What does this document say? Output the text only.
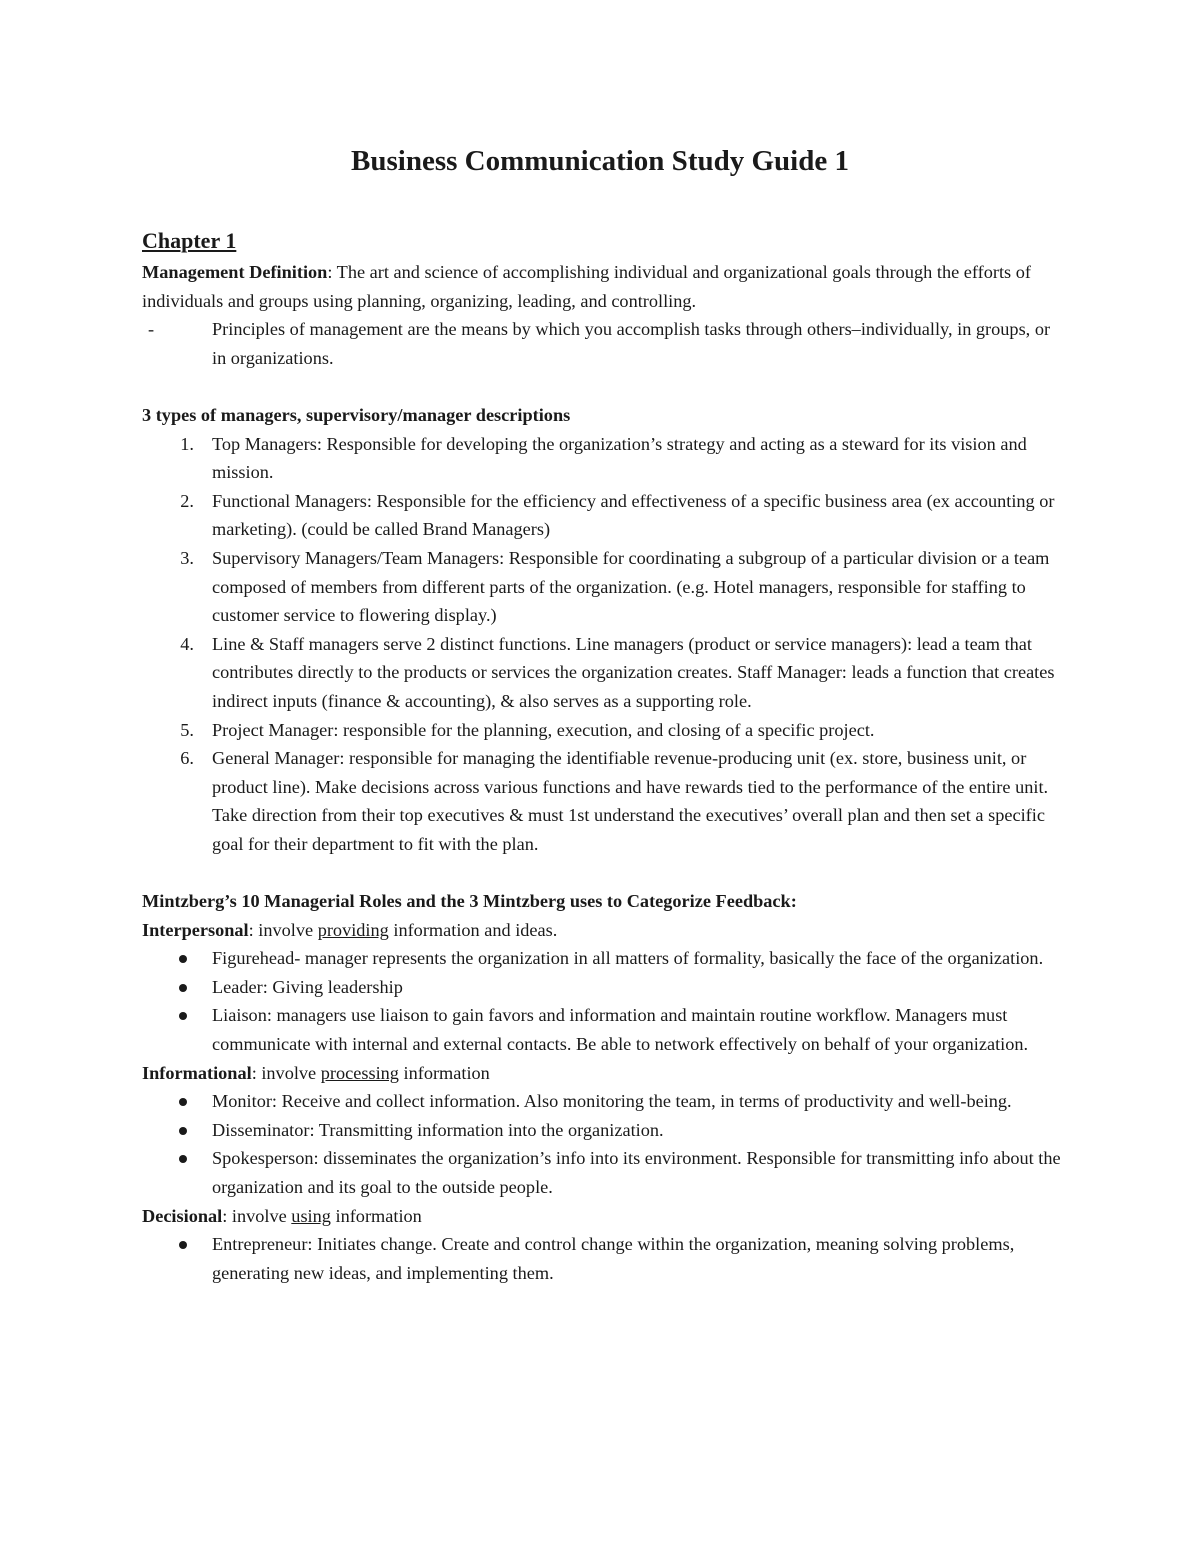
Business Communication Study Guide 1
Chapter 1

Management Definition: The art and science of accomplishing individual and organizational goals through the efforts of individuals and groups using planning, organizing, leading, and controlling.

-	Principles of management are the means by which you accomplish tasks through others–individually, in groups, or in organizations.

3 types of managers, supervisory/manager descriptions

1. Top Managers: Responsible for developing the organization’s strategy and acting as a steward for its vision and mission.
2. Functional Managers: Responsible for the efficiency and effectiveness of a specific business area (ex accounting or marketing). (could be called Brand Managers)
3. Supervisory Managers/Team Managers: Responsible for coordinating a subgroup of a particular division or a team composed of members from different parts of the organization. (e.g. Hotel managers, responsible for staffing to customer service to flowering display.)
4. Line & Staff managers serve 2 distinct functions. Line managers (product or service managers): lead a team that contributes directly to the products or services the organization creates. Staff Manager: leads a function that creates indirect inputs (finance & accounting), & also serves as a supporting role.
5. Project Manager: responsible for the planning, execution, and closing of a specific project.
6. General Manager: responsible for managing the identifiable revenue-producing unit (ex. store, business unit, or product line). Make decisions across various functions and have rewards tied to the performance of the entire unit. Take direction from their top executives & must 1st understand the executives’ overall plan and then set a specific goal for their department to fit with the plan.

Mintzberg’s 10 Managerial Roles and the 3 Mintzberg uses to Categorize Feedback:

Interpersonal: involve providing information and ideas.

Figurehead- manager represents the organization in all matters of formality, basically the face of the organization.
Leader: Giving leadership
Liaison: managers use liaison to gain favors and information and maintain routine workflow. Managers must communicate with internal and external contacts. Be able to network effectively on behalf of your organization.

Informational: involve processing information

Monitor: Receive and collect information. Also monitoring the team, in terms of productivity and well-being.
Disseminator: Transmitting information into the organization.
Spokesperson: disseminates the organization’s info into its environment. Responsible for transmitting info about the organization and its goal to the outside people.

Decisional: involve using information

Entrepreneur: Initiates change. Create and control change within the organization, meaning solving problems, generating new ideas, and implementing them.
